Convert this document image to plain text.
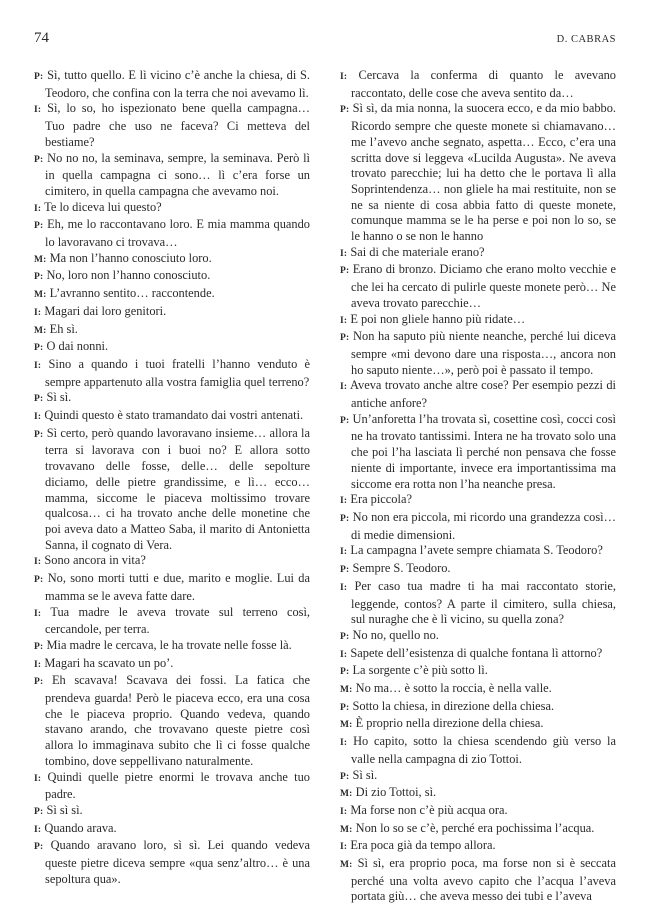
74	D. CABRAS

P: Sì, tutto quello. E lì vicino c’è anche la chiesa, di S. Teodoro, che confina con la terra che noi avevamo lì.

I: Sì, lo so, ho ispezionato bene quella campagna… Tuo padre che uso ne faceva? Ci metteva del bestiame?

P: No no no, la seminava, sempre, la seminava. Però lì in quella campagna ci sono… lì c’era forse un cimitero, in quella campagna che avevamo noi.

I: Te lo diceva lui questo?

P: Eh, me lo raccontavano loro. E mia mamma quando lo lavoravano ci trovava…

M: Ma non l’hanno conosciuto loro.

P: No, loro non l’hanno conosciuto.

M: L’avranno sentito… raccontende.

I: Magari dai loro genitori.

M: Eh sì.

P: O dai nonni.

I: Sino a quando i tuoi fratelli l’hanno venduto è sempre appartenuto alla vostra famiglia quel terreno?

P: Sì sì.

I: Quindi questo è stato tramandato dai vostri antenati.

P: Sì certo, però quando lavoravano insieme… allora la terra si lavorava con i buoi no? E allora sotto trovavano delle fosse, delle… delle sepolture diciamo, delle pietre grandissime, e lì… ecco… mamma, siccome le piaceva moltissimo trovare qualcosa… ci ha trovato anche delle monetine che poi aveva dato a Matteo Saba, il marito di Antonietta Sanna, il cognato di Vera.

I: Sono ancora in vita?

P: No, sono morti tutti e due, marito e moglie. Lui da mamma se le aveva fatte dare.

I: Tua madre le aveva trovate sul terreno così, cercandole, per terra.

P: Mia madre le cercava, le ha trovate nelle fosse là.

I: Magari ha scavato un po’.

P: Eh scavava! Scavava dei fossi. La fatica che prendeva guarda! Però le piaceva ecco, era una cosa che le piaceva proprio. Quando vedeva, quando stavano arando, che trovavano queste pietre così allora lo immaginava subito che lì ci fosse qualche tombino, dove seppellivano naturalmente.

I: Quindi quelle pietre enormi le trovava anche tuo padre.

P: Sì sì sì.

I: Quando arava.

P: Quando aravano loro, sì sì. Lei quando vedeva queste pietre diceva sempre «qua senz’altro… è una sepoltura qua».

I: Cercava la conferma di quanto le avevano raccontato, delle cose che aveva sentito da…

P: Sì sì, da mia nonna, la suocera ecco, e da mio babbo. Ricordo sempre che queste monete si chiamavano… me l’avevo anche segnato, aspetta… Ecco, c’era una scritta dove si leggeva «Lucilda Augusta». Ne aveva trovato parecchie; lui ha detto che le portava lì alla Soprintendenza… non gliele ha mai restituite, non se ne sa niente di cosa abbia fatto di queste monete, comunque mamma se le ha perse e poi non lo so, se le hanno o se non le hanno

I: Sai di che materiale erano?

P: Erano di bronzo. Diciamo che erano molto vecchie e che lei ha cercato di pulirle queste monete però… Ne aveva trovato parecchie…

I: E poi non gliele hanno più ridate…

P: Non ha saputo più niente neanche, perché lui diceva sempre «mi devono dare una risposta…, ancora non ho saputo niente…», però poi è passato il tempo.

I: Aveva trovato anche altre cose? Per esempio pezzi di antiche anfore?

P: Un’anforetta l’ha trovata sì, cosettine così, cocci così ne ha trovato tantissimi. Intera ne ha trovato solo una che poi l’ha lasciata lì perché non pensava che fosse niente di importante, invece era importantissima ma siccome era rotta non l’ha neanche presa.

I: Era piccola?

P: No non era piccola, mi ricordo una grandezza così… di medie dimensioni.

I: La campagna l’avete sempre chiamata S. Teodoro?

P: Sempre S. Teodoro.

I: Per caso tua madre ti ha mai raccontato storie, leggende, contos? A parte il cimitero, sulla chiesa, sul nuraghe che è lì vicino, su quella zona?

P: No no, quello no.

I: Sapete dell’esistenza di qualche fontana lì attorno?

P: La sorgente c’è più sotto lì.

M: No ma… è sotto la roccia, è nella valle.

P: Sotto la chiesa, in direzione della chiesa.

M: È proprio nella direzione della chiesa.

I: Ho capito, sotto la chiesa scendendo giù verso la valle nella campagna di zio Tottoi.

P: Sì sì.

M: Di zio Tottoi, sì.

I: Ma forse non c’è più acqua ora.

M: Non lo so se c’è, perché era pochissima l’acqua.

I: Era poca già da tempo allora.

M: Sì sì, era proprio poca, ma forse non si è seccata perché una volta avevo capito che l’acqua l’aveva portata giù… che aveva messo dei tubi e l’aveva
